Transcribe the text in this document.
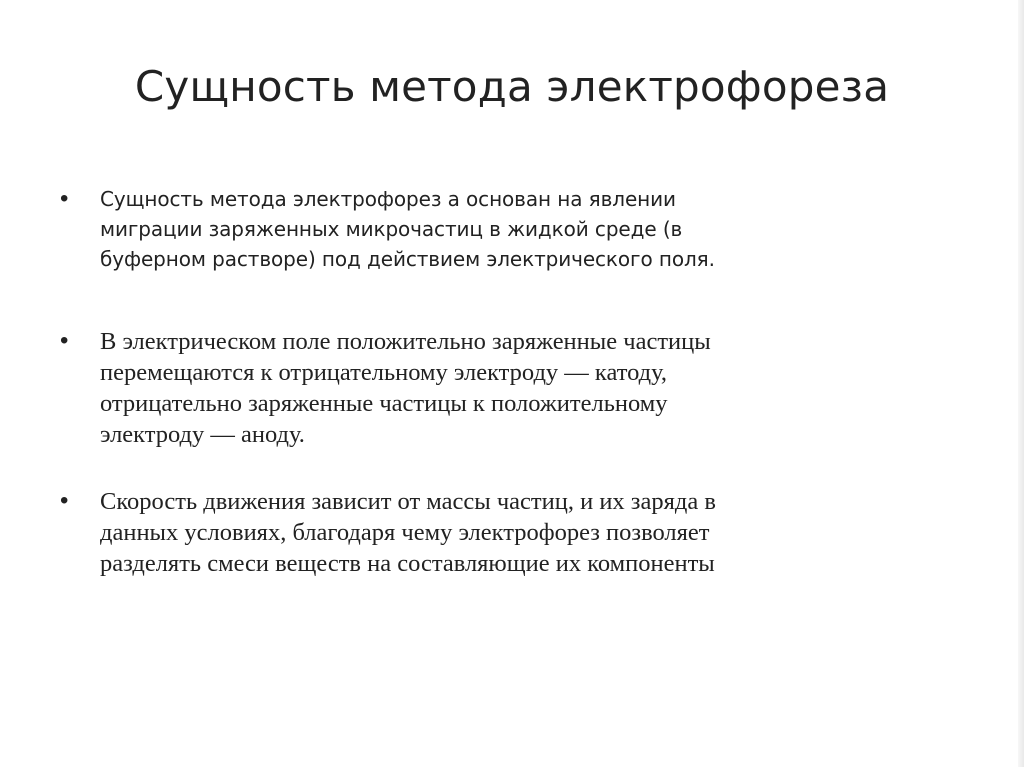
Сущность метода электрофореза
• Сущность метода электрофорез а основан на явлении
миграции заряженных микрочастиц в жидкой среде (в
буферном растворе) под действием электрического поля.
• В электрическом поле положительно заряженные частицы
перемещаются к отрицательному электроду — катоду,
отрицательно заряженные частицы к положительному
электроду — аноду.
• Скорость движения зависит от массы частиц, и их заряда в
данных условиях, благодаря чему электрофорез позволяет
разделять смеси веществ на составляющие их компоненты
